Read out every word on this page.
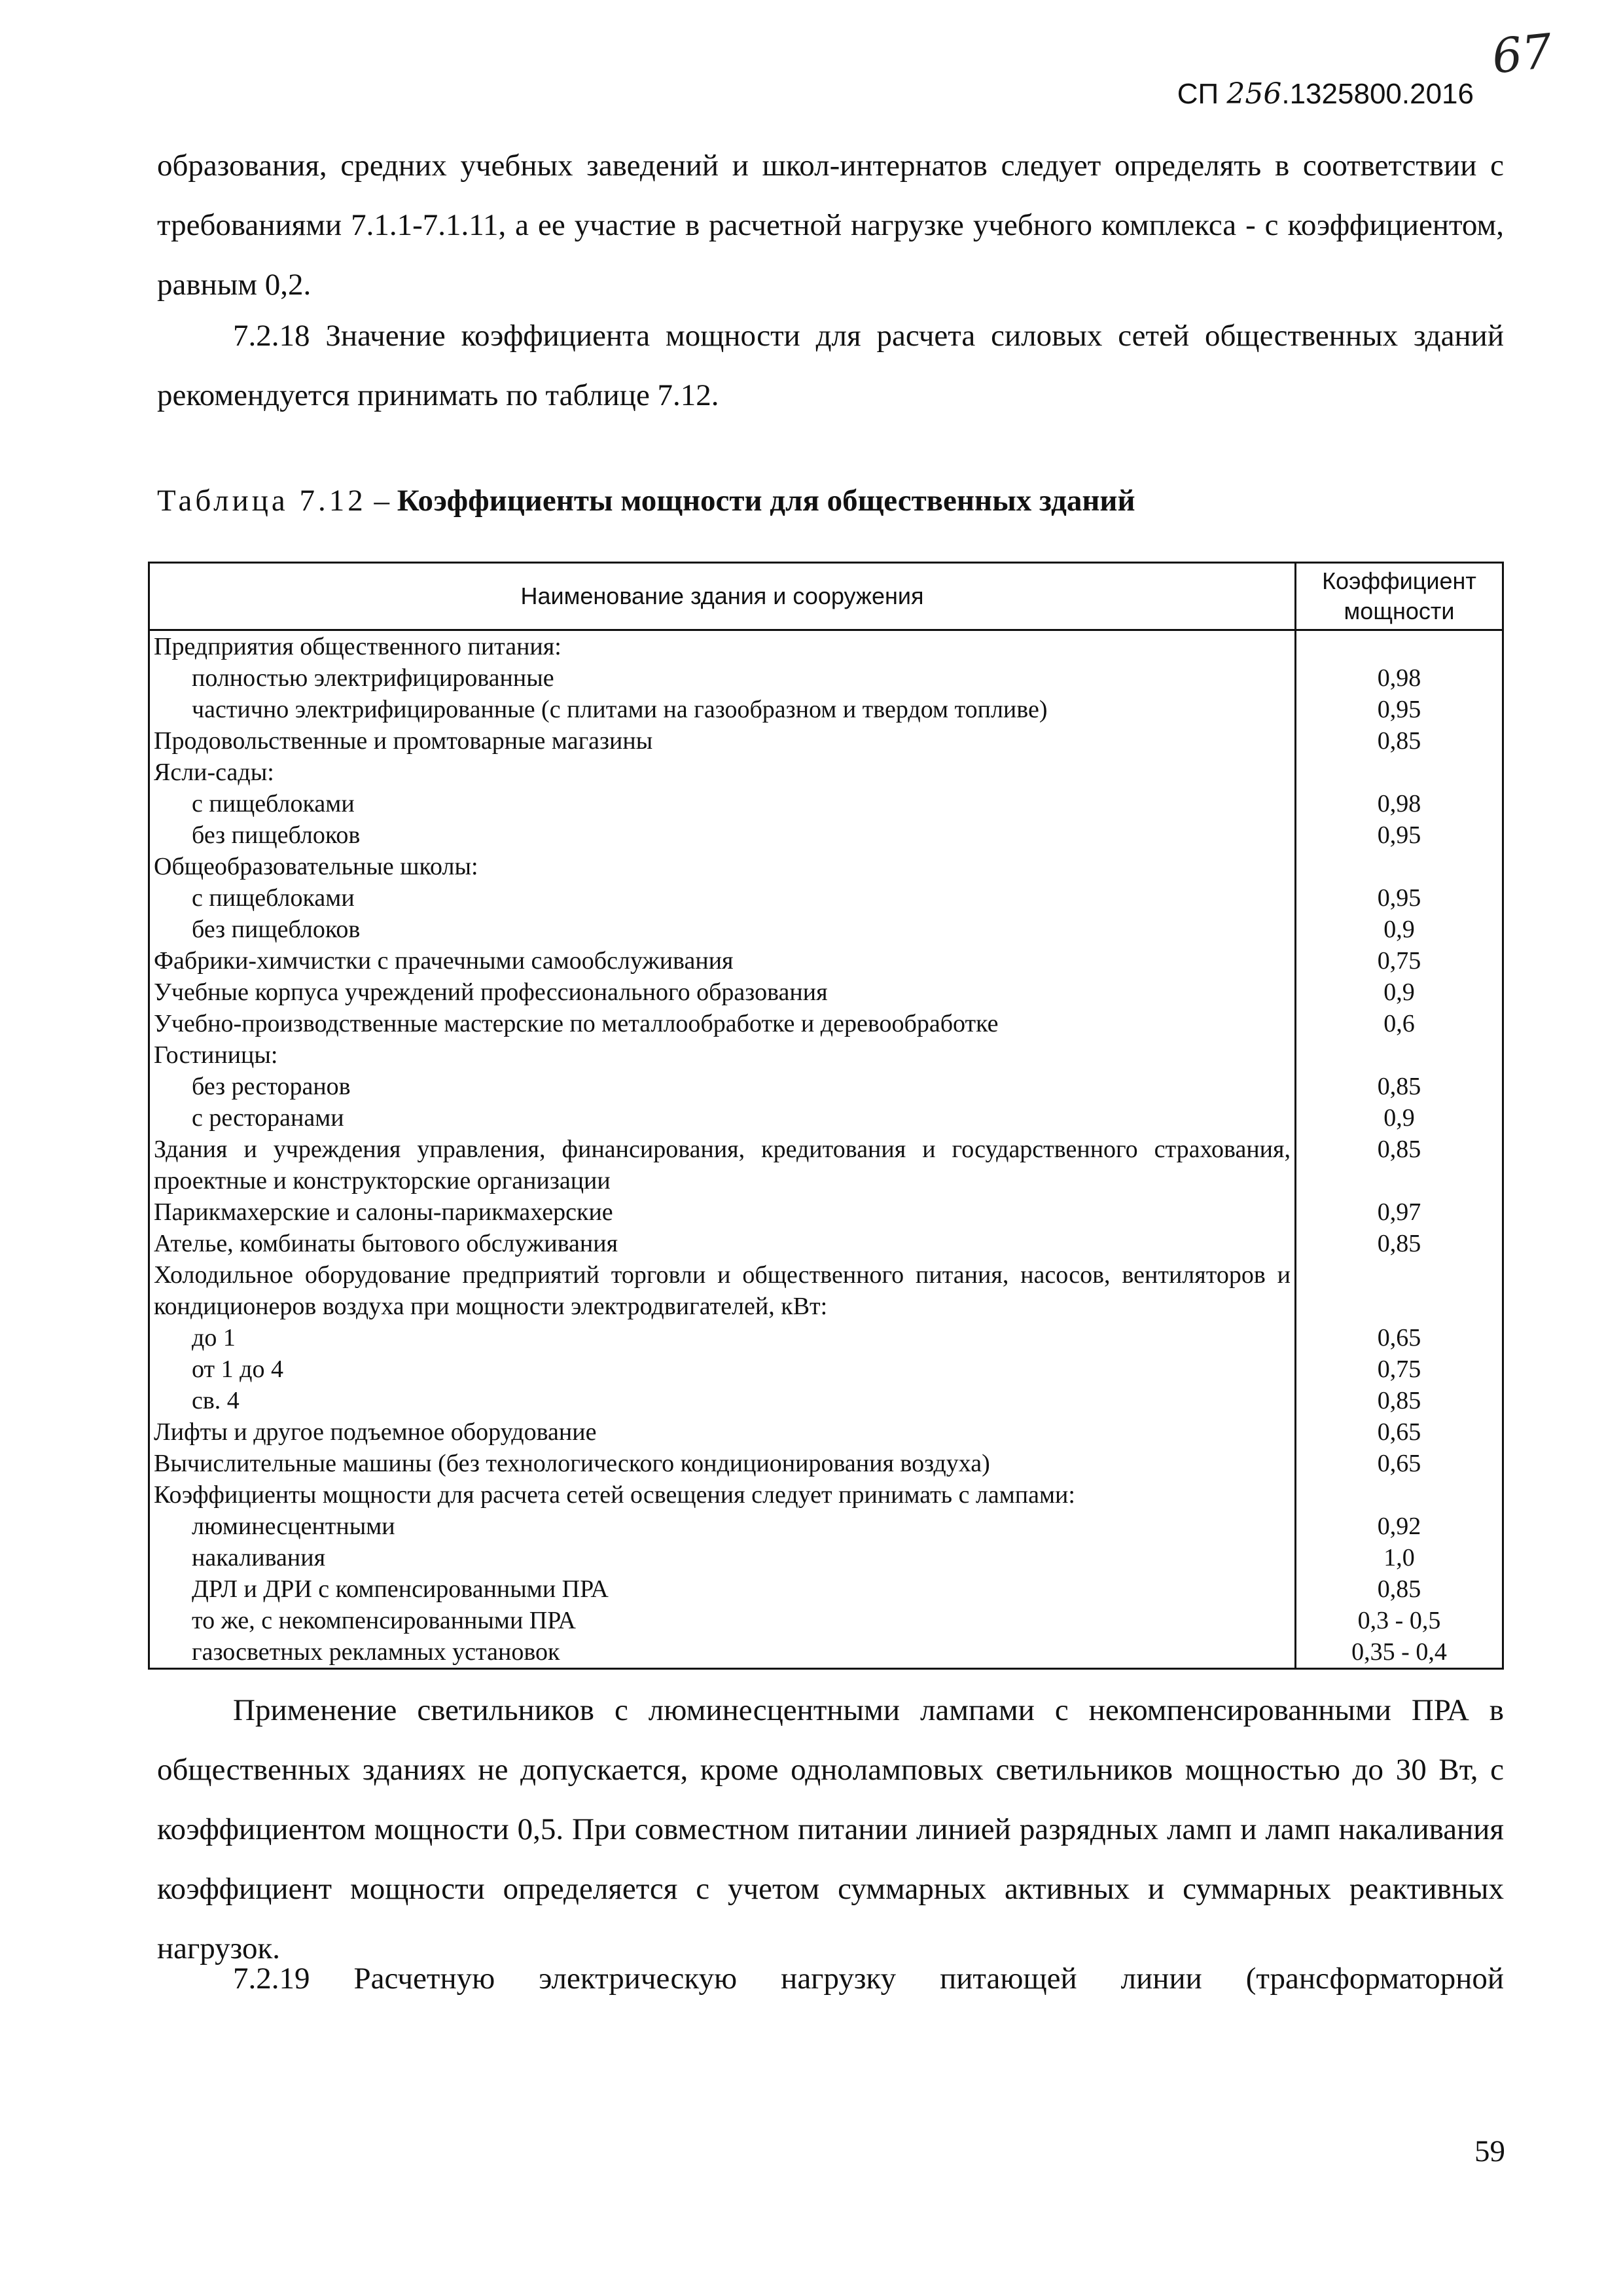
67
СП 256.1325800.2016
образования, средних учебных заведений и школ-интернатов следует определять в соответствии с требованиями 7.1.1-7.1.11, а ее участие в расчетной нагрузке учебного комплекса - с коэффициентом, равным 0,2.
7.2.18 Значение коэффициента мощности для расчета силовых сетей общественных зданий рекомендуется принимать по таблице 7.12.
Таблица 7.12 – Коэффициенты мощности для общественных зданий
Наименование здания и сооружения	Коэффициент мощности
Предприятия общественного питания:	
полностью электрифицированные	0,98
частично электрифицированные (с плитами на газообразном и твердом топливе)	0,95
Продовольственные и промтоварные магазины	0,85
Ясли-сады:	
с пищеблоками	0,98
без пищеблоков	0,95
Общеобразовательные школы:	
с пищеблоками	0,95
без пищеблоков	0,9
Фабрики-химчистки с прачечными самообслуживания	0,75
Учебные корпуса учреждений профессионального образования	0,9
Учебно-производственные мастерские по металлообработке и деревообработке	0,6
Гостиницы:	
без ресторанов	0,85
с ресторанами	0,9
Здания и учреждения управления, финансирования, кредитования и государственного страхования, проектные и конструкторские организации	0,85
Парикмахерские и салоны-парикмахерские	0,97
Ателье, комбинаты бытового обслуживания	0,85
Холодильное оборудование предприятий торговли и общественного питания, насосов, вентиляторов и кондиционеров воздуха при мощности электродвигателей, кВт:	
до 1	0,65
от 1 до 4	0,75
св. 4	0,85
Лифты и другое подъемное оборудование	0,65
Вычислительные машины (без технологического кондиционирования воздуха)	0,65
Коэффициенты мощности для расчета сетей освещения следует принимать с лампами:	
люминесцентными	0,92
накаливания	1,0
ДРЛ и ДРИ с компенсированными ПРА	0,85
то же, с некомпенсированными ПРА	0,3 - 0,5
газосветных рекламных установок	0,35 - 0,4
Применение светильников с люминесцентными лампами с некомпенсированными ПРА в общественных зданиях не допускается, кроме однoламповых светильников мощностью до 30 Вт, с коэффициентом мощности 0,5. При совместном питании линией разрядных ламп и ламп накаливания коэффициент мощности определяется с учетом суммарных активных и суммарных реактивных нагрузок.
7.2.19 Расчетную электрическую нагрузку питающей линии (трансформаторной
59
